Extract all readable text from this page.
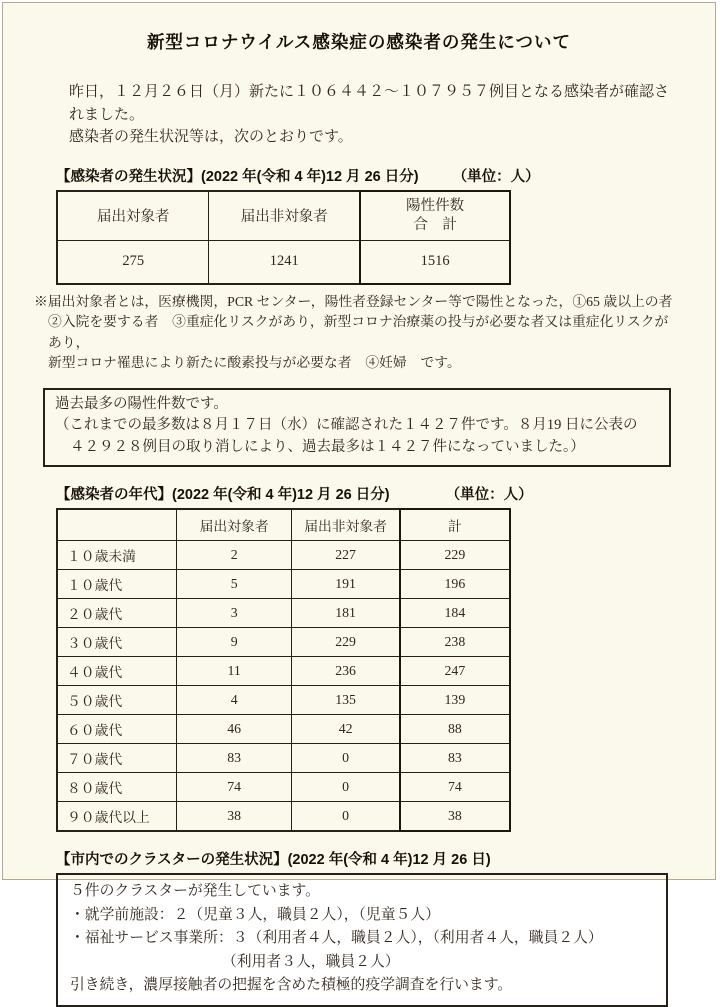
新型コロナウイルス感染症の感染者の発生について
昨日，１２月２６日（月）新たに１０６４４２～１０７９５７例目となる感染者が確認されました。
感染者の発生状況等は，次のとおりです。
【感染者の発生状況】(2022 年(令和 4 年)12 月 26 日分) （単位：人）
届出対象者	届出非対象者	陽性件数
合　計

275	1241	1516
※届出対象者とは，医療機関，PCR センター，陽性者登録センター等で陽性となった，①65 歳以上の者
②入院を要する者　③重症化リスクがあり，新型コロナ治療薬の投与が必要な者又は重症化リスクがあり，
新型コロナ罹患により新たに酸素投与が必要な者　④妊婦　です。
過去最多の陽性件数です。
（これまでの最多数は８月１７日（水）に確認された１４２７件です。８月19 日に公表の
４２９２８例目の取り消しにより、過去最多は１４２７件になっていました。）
【感染者の年代】(2022 年(令和 4 年)12 月 26 日分)	（単位：人）
	届出対象者	届出非対象者	計
１０歳未満	2	227	229
１０歳代	5	191	196
２０歳代	3	181	184
３０歳代	9	229	238
４０歳代	11	236	247
５０歳代	4	135	139
６０歳代	46	42	88
７０歳代	83	0	83
８０歳代	74	0	74
９０歳代以上	38	0	38
【市内でのクラスターの発生状況】(2022 年(令和 4 年)12 月 26 日)
５件のクラスターが発生しています。
・就学前施設：２（児童３人，職員２人），（児童５人）
・福祉サービス事業所：３（利用者４人，職員２人），（利用者４人，職員２人）
（利用者３人，職員２人）
引き続き，濃厚接触者の把握を含めた積極的疫学調査を行います。
